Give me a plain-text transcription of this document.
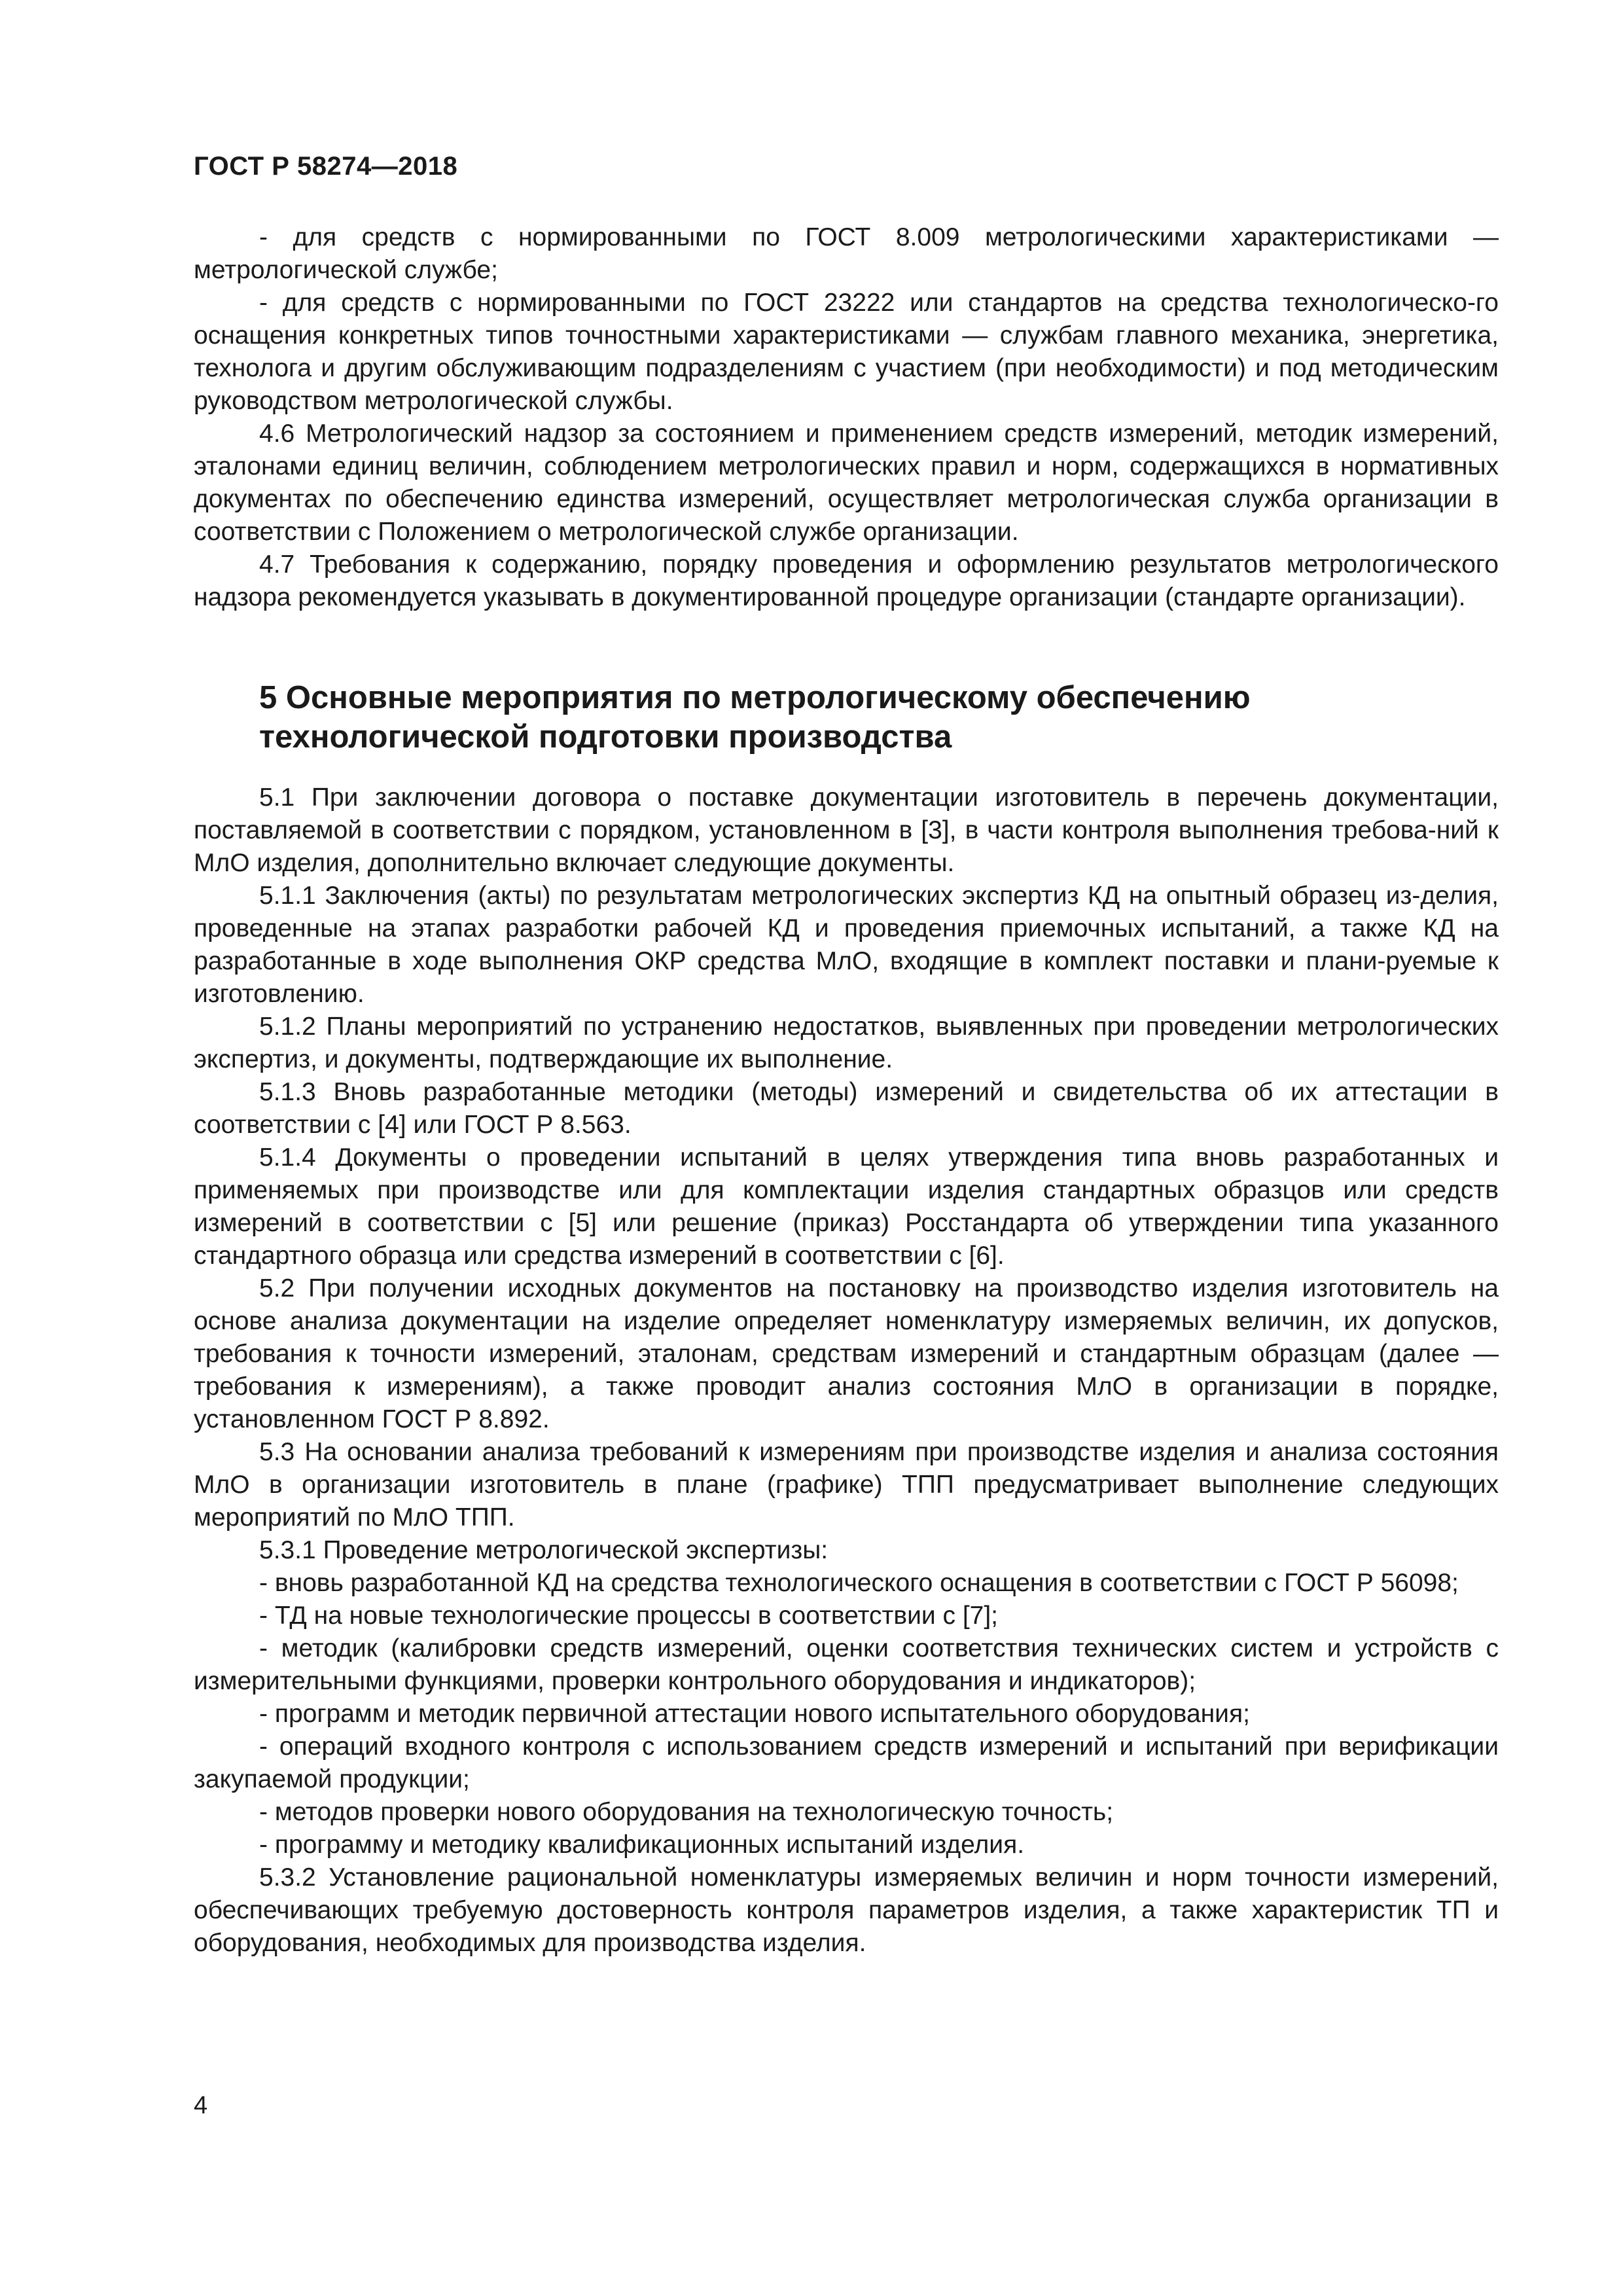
ГОСТ Р 58274—2018

- для средств с нормированными по ГОСТ 8.009 метрологическими характеристиками — метрологической службе;

- для средств с нормированными по ГОСТ 23222 или стандартов на средства технологическо-го оснащения конкретных типов точностными характеристиками — службам главного механика, энергетика, технолога и другим обслуживающим подразделениям с участием (при необходимости) и под методическим руководством метрологической службы.

4.6 Метрологический надзор за состоянием и применением средств измерений, методик измерений, эталонами единиц величин, соблюдением метрологических правил и норм, содержащихся в нормативных документах по обеспечению единства измерений, осуществляет метрологическая служба организации в соответствии с Положением о метрологической службе организации.

4.7 Требования к содержанию, порядку проведения и оформлению результатов метрологического надзора рекомендуется указывать в документированной процедуре организации (стандарте организации).

5 Основные мероприятия по метрологическому обеспечению
технологической подготовки производства

5.1 При заключении договора о поставке документации изготовитель в перечень документации, поставляемой в соответствии с порядком, установленном в [3], в части контроля выполнения требова-ний к МлО изделия, дополнительно включает следующие документы.

5.1.1 Заключения (акты) по результатам метрологических экспертиз КД на опытный образец из-делия, проведенные на этапах разработки рабочей КД и проведения приемочных испытаний, а также КД на разработанные в ходе выполнения ОКР средства МлО, входящие в комплект поставки и плани-руемые к изготовлению.

5.1.2 Планы мероприятий по устранению недостатков, выявленных при проведении метрологических экспертиз, и документы, подтверждающие их выполнение.

5.1.3 Вновь разработанные методики (методы) измерений и свидетельства об их аттестации в соответствии с [4] или ГОСТ Р 8.563.

5.1.4 Документы о проведении испытаний в целях утверждения типа вновь разработанных и применяемых при производстве или для комплектации изделия стандартных образцов или средств измерений в соответствии с [5] или решение (приказ) Росстандарта об утверждении типа указанного стандартного образца или средства измерений в соответствии с [6].

5.2 При получении исходных документов на постановку на производство изделия изготовитель на основе анализа документации на изделие определяет номенклатуру измеряемых величин, их допусков, требования к точности измерений, эталонам, средствам измерений и стандартным образцам (далее — требования к измерениям), а также проводит анализ состояния МлО в организации в порядке, установленном ГОСТ Р 8.892.

5.3 На основании анализа требований к измерениям при производстве изделия и анализа состояния МлО в организации изготовитель в плане (графике) ТПП предусматривает выполнение следующих мероприятий по МлО ТПП.

5.3.1 Проведение метрологической экспертизы:

- вновь разработанной КД на средства технологического оснащения в соответствии с ГОСТ Р 56098;

- ТД на новые технологические процессы в соответствии с [7];

- методик (калибровки средств измерений, оценки соответствия технических систем и устройств с измерительными функциями, проверки контрольного оборудования и индикаторов);

- программ и методик первичной аттестации нового испытательного оборудования;

- операций входного контроля с использованием средств измерений и испытаний при верификации закупаемой продукции;

- методов проверки нового оборудования на технологическую точность;

- программу и методику квалификационных испытаний изделия.

5.3.2 Установление рациональной номенклатуры измеряемых величин и норм точности измерений, обеспечивающих требуемую достоверность контроля параметров изделия, а также характеристик ТП и оборудования, необходимых для производства изделия.

4
